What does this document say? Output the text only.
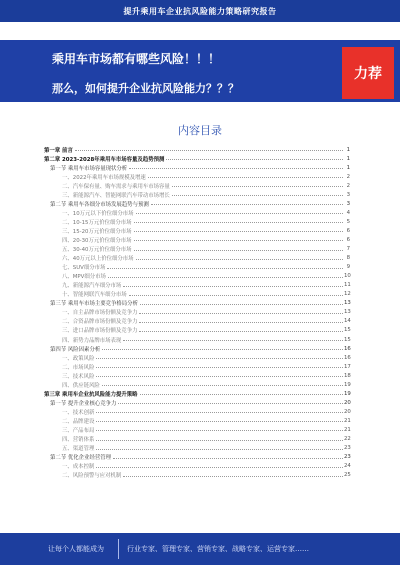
提升乘用车企业抗风险能力策略研究报告
乘用车市场都有哪些风险！！！
那么，如何提升企业抗风险能力？？？
力荐
内容目录
第一章 前言	1
第二章 2023-2028年乘用车市场容量及趋势预测	1
第一节 乘用车市场容量现状分析	1
一、2022年乘用车市场规模及增速	2
二、汽车保有量、购车需求与乘用车市场容量	2
三、新能源汽车、智能网联汽车带动市场增长	3
第二节 乘用车各细分市场发展趋势与预测	3
一、10万元以下价位细分市场	4
二、10-15万元价位细分市场	5
三、15-20万元价位细分市场	6
四、20-30万元价位细分市场	6
五、30-40万元价位细分市场	7
六、40万元以上价位细分市场	8
七、SUV细分市场	9
八、MPV细分市场	10
九、新能源汽车细分市场	11
十、智能网联汽车细分市场	12
第三节 乘用车市场主要竞争格局分析	13
一、自主品牌市场份额及竞争力	13
二、合资品牌市场份额及竞争力	14
三、进口品牌市场份额及竞争力	15
四、新势力品牌市场表现	15
第四节 风险因素分析	16
一、政策风险	16
二、市场风险	17
三、技术风险	18
四、供应链风险	19
第三章 乘用车企业抗风险能力提升策略	19
第一节 提升企业核心竞争力	20
一、技术创新	20
二、品牌建设	21
三、产品布局	21
四、营销体系	22
五、渠道管理	23
第二节 优化企业经营管理	23
一、成本控制	24
二、风险预警与应对机制	25
让每个人都能成为	行业专家、管理专家、营销专家、战略专家、运营专家……
